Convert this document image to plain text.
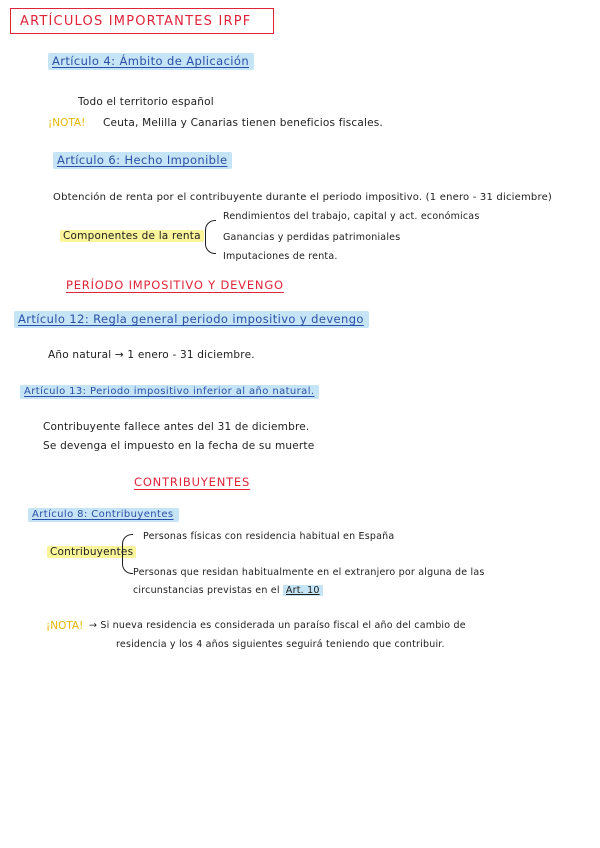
ARTÍCULOS IMPORTANTES IRPF
Artículo 4: Ámbito de Aplicación
Todo el territorio español
¡NOTA! Ceuta, Melilla y Canarias tienen beneficios fiscales.
Artículo 6: Hecho Imponible
Obtención de renta por el contribuyente durante el periodo impositivo. (1 enero - 31 diciembre)
Componentes de la renta
Rendimientos del trabajo, capital y act. económicas
Ganancias y perdidas patrimoniales
Imputaciones de renta.
PERÍODO IMPOSITIVO Y DEVENGO
Artículo 12: Regla general periodo impositivo y devengo
Año natural → 1 enero - 31 diciembre.
Artículo 13: Periodo impositivo inferior al año natural.
Contribuyente fallece antes del 31 de diciembre.
Se devenga el impuesto en la fecha de su muerte
CONTRIBUYENTES
Artículo 8: Contribuyentes
Contribuyentes
Personas físicas con residencia habitual en España
Personas que residan habitualmente en el extranjero por alguna de las
circunstancias previstas en el Art. 10
¡NOTA! → Si nueva residencia es considerada un paraíso fiscal el año del cambio de
residencia y los 4 años siguientes seguirá teniendo que contribuir.
